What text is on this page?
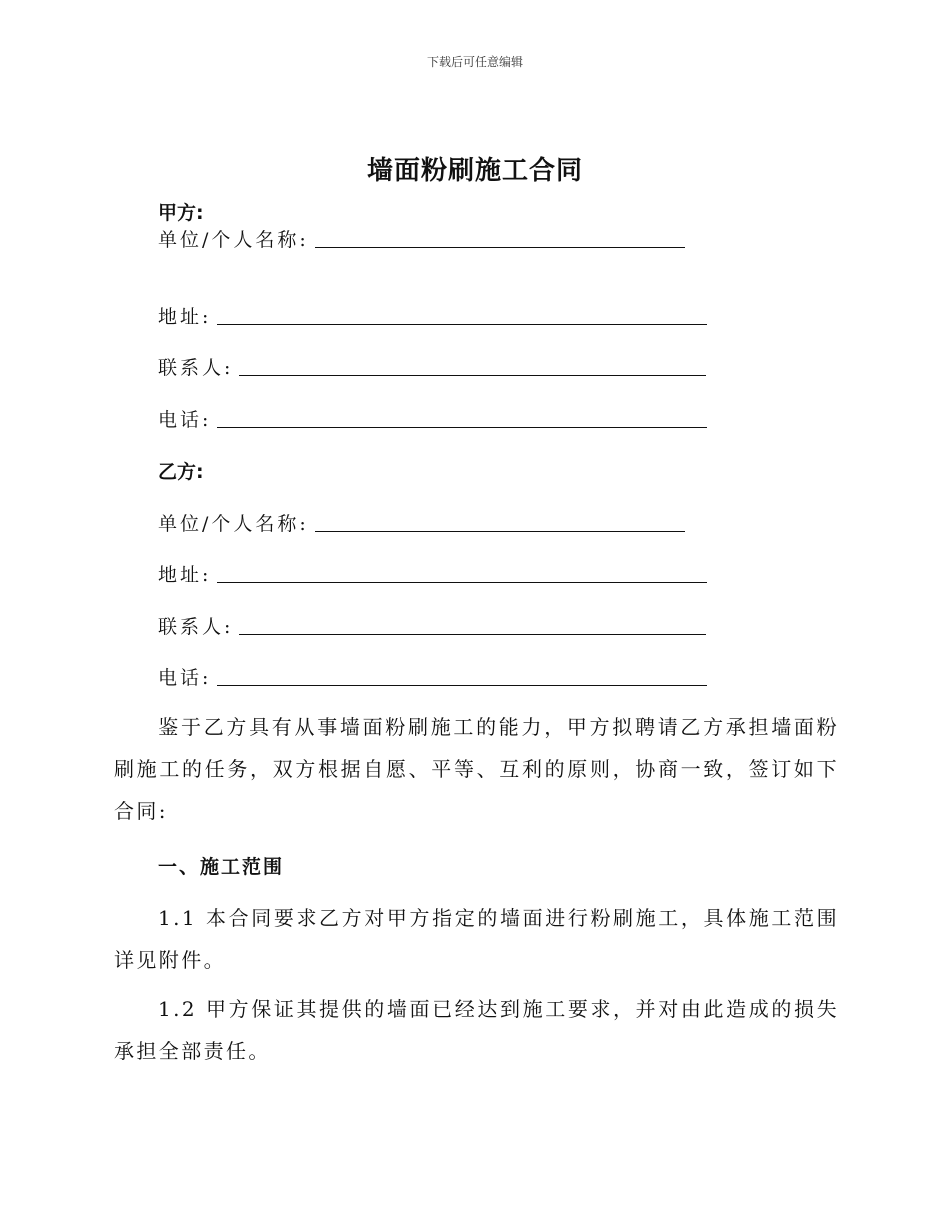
下载后可任意编辑
墙面粉刷施工合同
甲方:
单位/个人名称:
地址:
联系人:
电话:
乙方:
单位/个人名称:
地址:
联系人:
电话:
鉴于乙方具有从事墙面粉刷施工的能力，甲方拟聘请乙方承担墙面粉刷施工的任务，双方根据自愿、平等、互利的原则，协商一致，签订如下合同:
一、施工范围
1.1 本合同要求乙方对甲方指定的墙面进行粉刷施工，具体施工范围详见附件。
1.2 甲方保证其提供的墙面已经达到施工要求，并对由此造成的损失承担全部责任。
